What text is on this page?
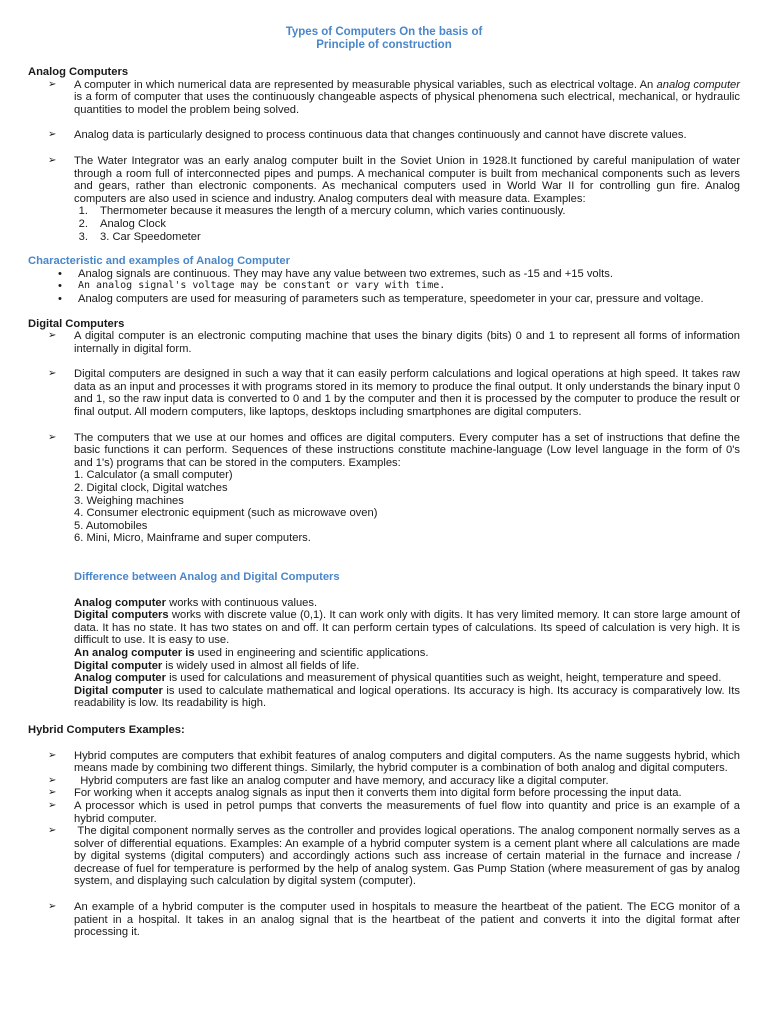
Types of Computers On the basis of

Principle of construction

Analog Computers

➢	A computer in which numerical data are represented by measurable physical variables, such as electrical voltage. An analog computer is a form of computer that uses the continuously changeable aspects of physical phenomena such electrical, mechanical, or hydraulic quantities to model the problem being solved.
➢	Analog data is particularly designed to process continuous data that changes continuously and cannot have discrete values.
➢	The Water Integrator was an early analog computer built in the Soviet Union in 1928.It functioned by careful manipulation of water through a room full of interconnected pipes and pumps. A mechanical computer is built from mechanical components such as levers and gears, rather than electronic components. As mechanical computers used in World War II for controlling gun fire. Analog computers are also used in science and industry. Analog computers deal with measure data. Examples:
1.	Thermometer because it measures the length of a mercury column, which varies continuously.
2.	Analog Clock
3.	3. Car Speedometer

Characteristic and examples of Analog Computer

•	Analog signals are continuous. They may have any value between two extremes, such as -15 and +15 volts.
•	An analog signal's voltage may be constant or vary with time.
•	Analog computers are used for measuring of parameters such as temperature, speedometer in your car, pressure and voltage.

Digital Computers

➢	A digital computer is an electronic computing machine that uses the binary digits (bits) 0 and 1 to represent all forms of information internally in digital form.
➢	Digital computers are designed in such a way that it can easily perform calculations and logical operations at high speed. It takes raw data as an input and processes it with programs stored in its memory to produce the final output. It only understands the binary input 0 and 1, so the raw input data is converted to 0 and 1 by the computer and then it is processed by the computer to produce the result or final output. All modern computers, like laptops, desktops including smartphones are digital computers.
➢	The computers that we use at our homes and offices are digital computers. Every computer has a set of instructions that define the basic functions it can perform. Sequences of these instructions constitute machine-language (Low level language in the form of 0's and 1's) programs that can be stored in the computers. Examples:

1. Calculator (a small computer)

2. Digital clock, Digital watches

3. Weighing machines

4. Consumer electronic equipment (such as microwave oven)

5. Automobiles

6. Mini, Micro, Mainframe and super computers.

Difference between Analog and Digital Computers

Analog computer works with continuous values.

Digital computers works with discrete value (0,1). It can work only with digits. It has very limited memory. It can store large amount of data. It has no state. It has two states on and off. It can perform certain types of calculations. Its speed of calculation is very high. It is difficult to use. It is easy to use.

An analog computer is used in engineering and scientific applications.

Digital computer is widely used in almost all fields of life.

Analog computer is used for calculations and measurement of physical quantities such as weight, height, temperature and speed.

Digital computer is used to calculate mathematical and logical operations. Its accuracy is high. Its accuracy is comparatively low. Its readability is low. Its readability is high.

Hybrid Computers Examples:

➢	Hybrid computes are computers that exhibit features of analog computers and digital computers. As the name suggests hybrid, which means made by combining two different things. Similarly, the hybrid computer is a combination of both analog and digital computers.
➢	Hybrid computers are fast like an analog computer and have memory, and accuracy like a digital computer.
➢	For working when it accepts analog signals as input then it converts them into digital form before processing the input data.
➢	A processor which is used in petrol pumps that converts the measurements of fuel flow into quantity and price is an example of a hybrid computer.
➢	The digital component normally serves as the controller and provides logical operations. The analog component normally serves as a solver of differential equations. Examples: An example of a hybrid computer system is a cement plant where all calculations are made by digital systems (digital computers) and accordingly actions such ass increase of certain material in the furnace and increase / decrease of fuel for temperature is performed by the help of analog system. Gas Pump Station (where measurement of gas by analog system, and displaying such calculation by digital system (computer).
➢	An example of a hybrid computer is the computer used in hospitals to measure the heartbeat of the patient. The ECG monitor of a patient in a hospital. It takes in an analog signal that is the heartbeat of the patient and converts it into the digital format after processing it.
